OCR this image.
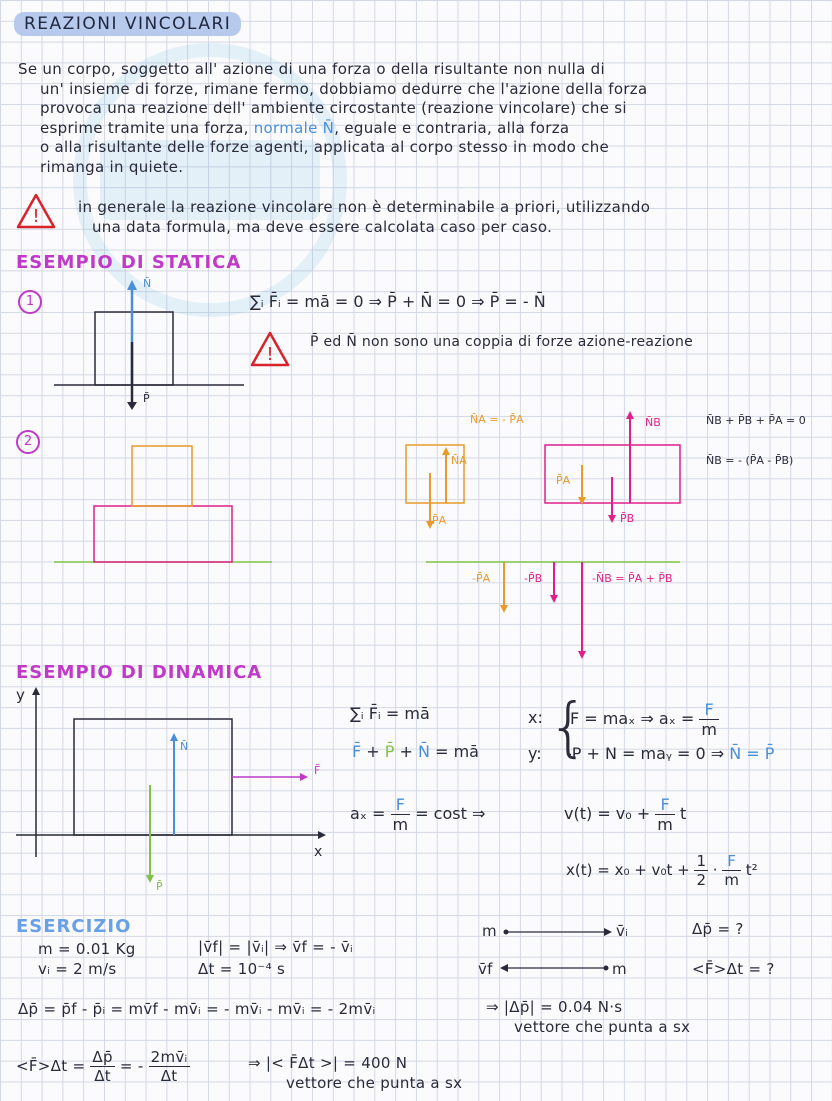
REAZIONI VINCOLARI

Se un corpo, soggetto all' azione di una forza o della risultante non nulla di

un' insieme di forze, rimane fermo, dobbiamo dedurre che l'azione della forza

provoca una reazione dell' ambiente circostante (reazione vincolare) che si

esprime tramite una forza, normale N̄, eguale e contraria, alla forza

o alla risultante delle forze agenti, applicata al corpo stesso in modo che

rimanga in quiete.

!	in generale la reazione vincolare non è determinabile a priori, utilizzando

una data formula, ma deve essere calcolata caso per caso.

ESEMPIO DI STATICA
1
N̄
P̄
∑ᵢ F̄ᵢ = mā = 0 ⇒ P̄ + N̄ = 0 ⇒ P̄ = - N̄
!
P̄ ed N̄ non sono una coppia di forze azione-reazione
2
N̄A = - P̄A
N̄A
P̄A
N̄B
P̄A
P̄B
N̄B + P̄B + P̄A = 0
N̄B = - (P̄A - P̄B)
-P̄A	-P̄B	-N̄B = P̄A + P̄B
ESEMPIO DI DINAMICA
y
x
N̄
F̄
P̄
∑ᵢ F̄ᵢ = mā
F̄ + P̄ + N̄ = mā {
x: F = maₓ ⇒ $a_x = \frac{F}{m}$
y: -P + N = maᵧ = 0 ⇒ N̄ = P̄
$a_x = \frac{F}{m} = \cos t$ ⇒	$v(t) = v_0 + \frac{F}{m}$ t
$x(t) = x_0 + v_0t + \frac{1}{2} \cdot \frac{F}{m} t^2$
ESERCIZIO
m = 0.01 Kg
vᵢ = 2 m/s
|v̄f| = |v̄ᵢ| ⇒ v̄f = - v̄ᵢ
Δt = 10⁻⁴ s
m	v̄ᵢ
v̄f	m
Δp̄ = ?
<F̄>Δt = ?
Δp̄ = p̄f - p̄ᵢ = mv̄f - mv̄ᵢ = - mv̄ᵢ - mv̄ᵢ = - 2mv̄ᵢ	⇒ |Δp̄| = 0.04 N·s
vettore che punta a sx
<F̄>Δt = $\frac{\Delta p̄}{\Delta t}$ = - $\frac{\text{2mv̄ᵢ}}{\Delta t}$	⇒ |< F̄Δt >| = 400 N
vettore che punta a sx
